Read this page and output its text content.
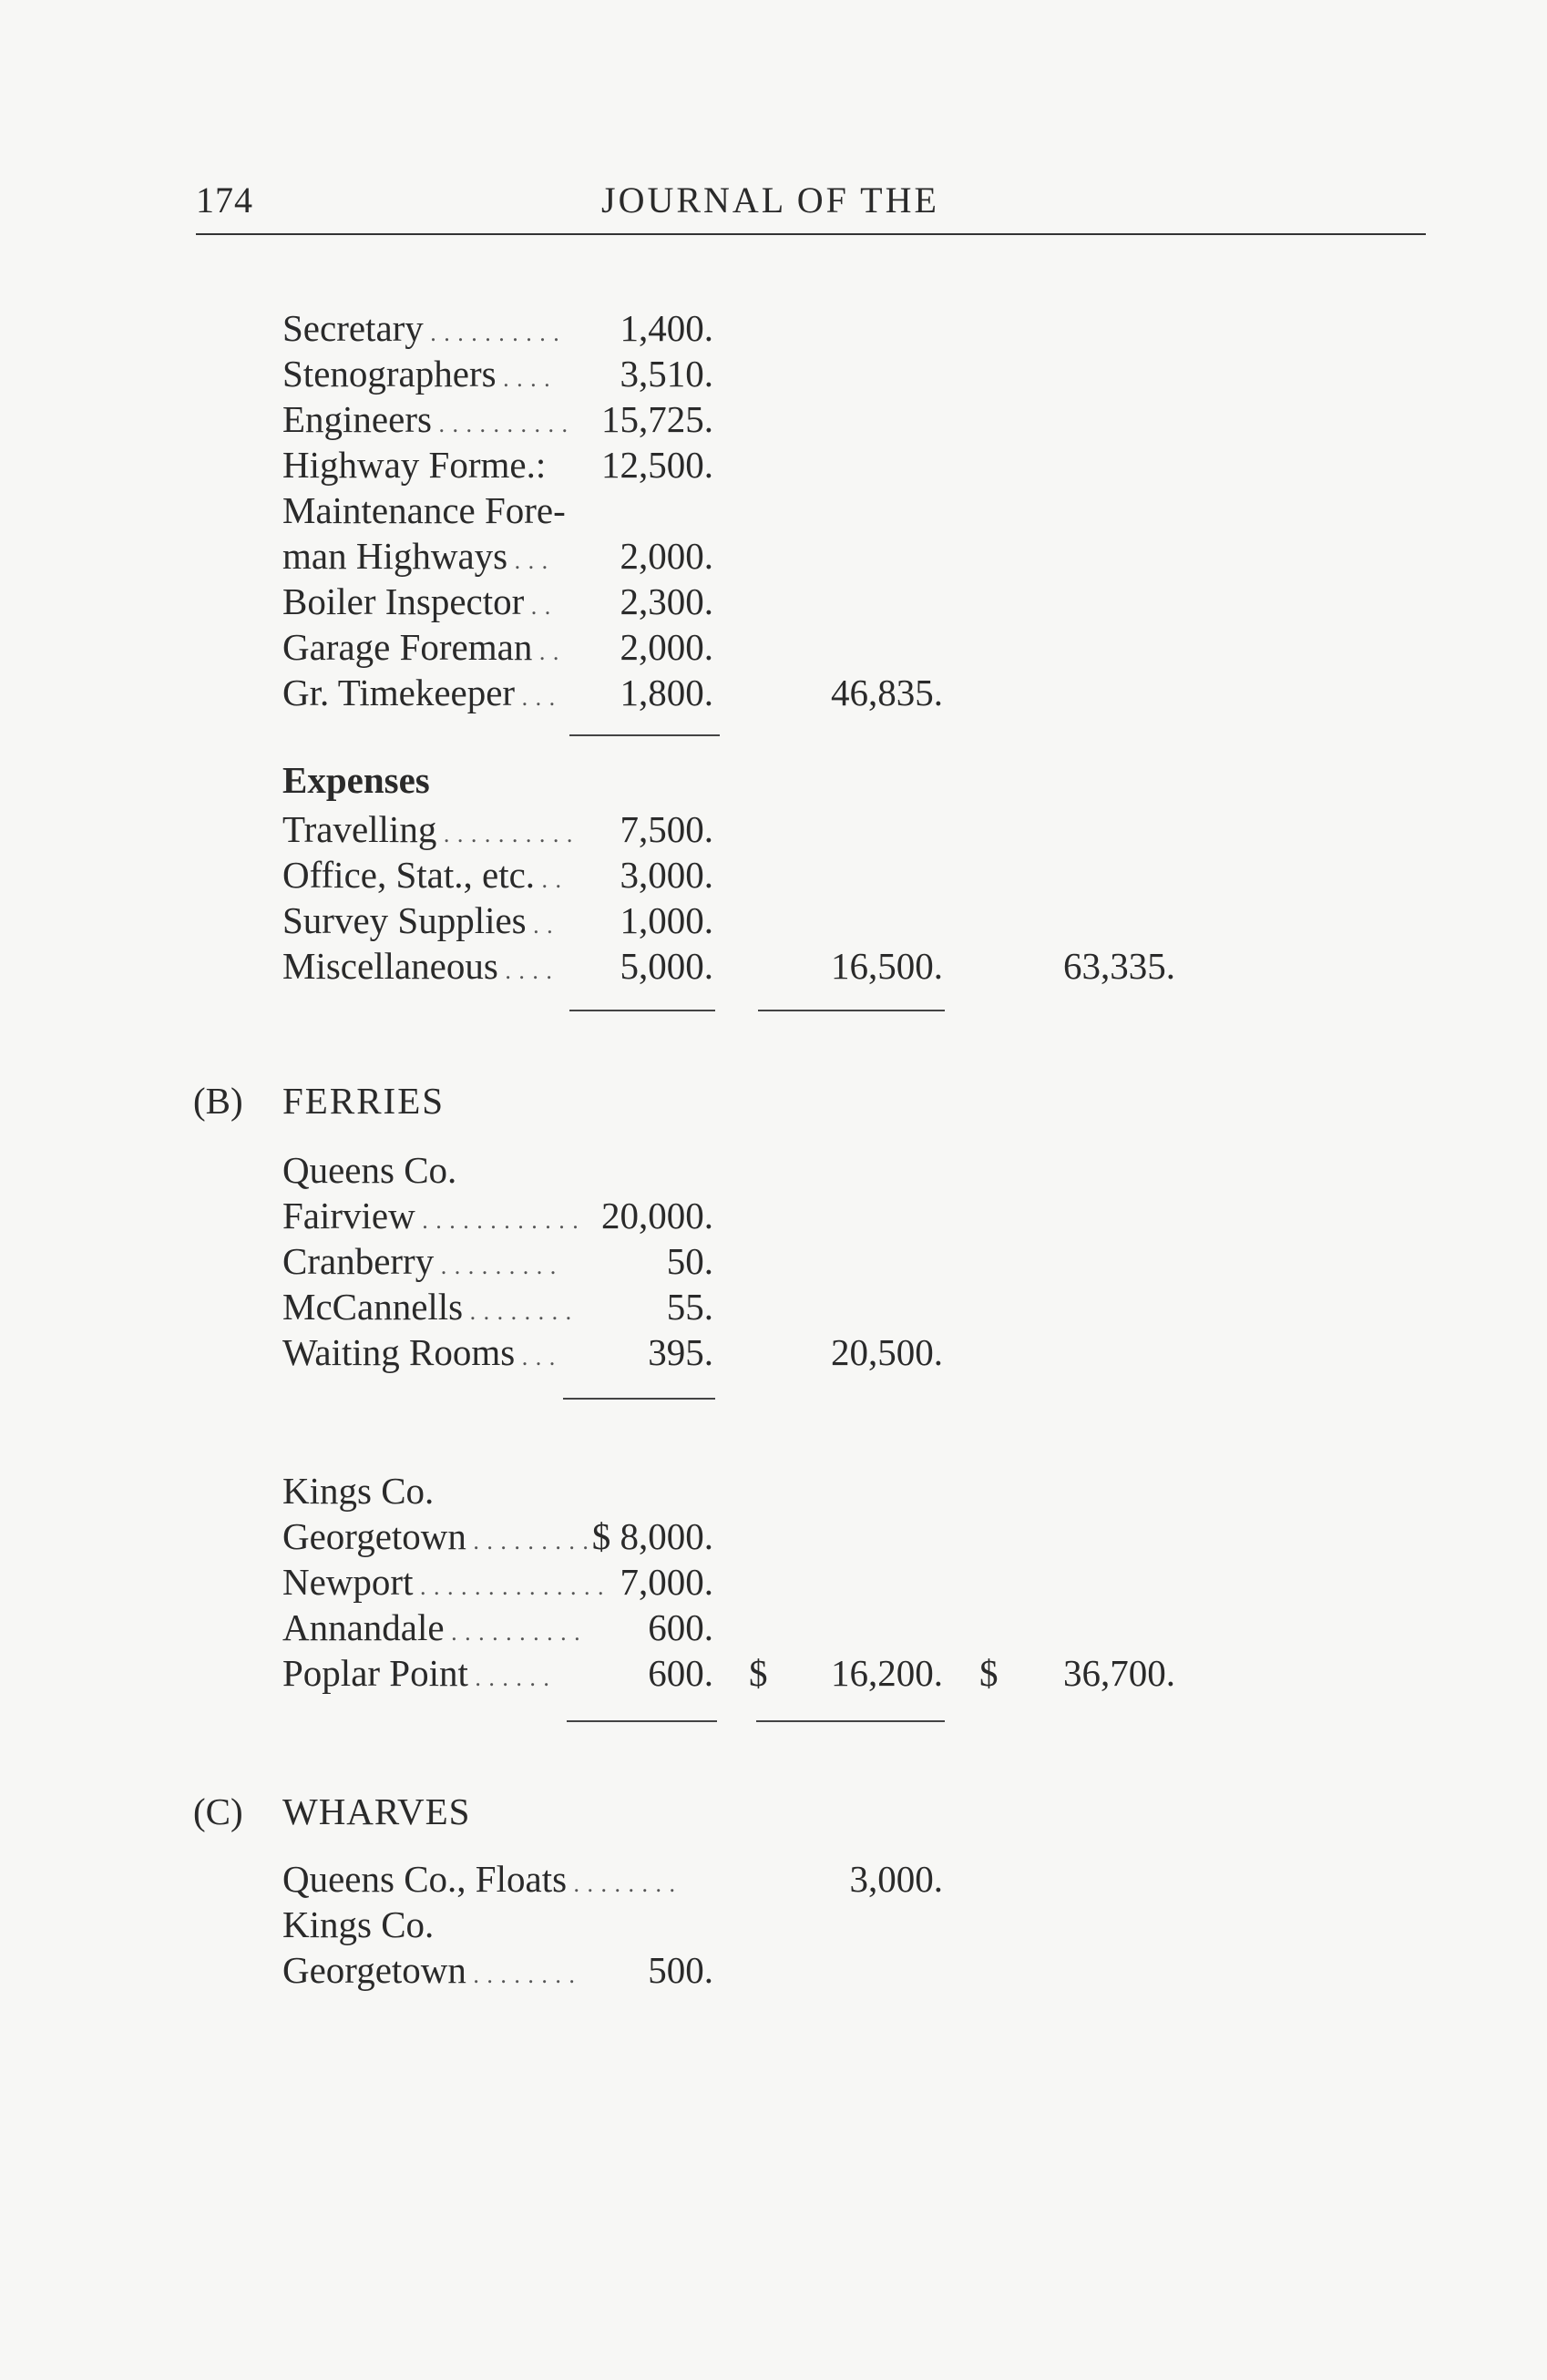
174	JOURNAL OF THE
Secretary . . . . . . . . . .	1,400.
Stenographers . . . .	3,510.
Engineers . . . . . . . . . . 15,725.
Highway Forme.:	12,500.
Maintenance Fore-
man Highways . . .	2,000.
Boiler Inspector . .	2,300.
Garage Foreman . .	2,000.
Gr. Timekeeper . . .	1,800.	46,835.
Expenses
Travelling . . . . . . . . . .	7,500.
Office, Stat., etc. . .	3,000.
Survey Supplies . .	1,000.
Miscellaneous . . . .	5,000.	16,500.	63,335.
(B) FERRIES
Queens Co.
Fairview . . . . . . . . . . . . 20,000.
Cranberry . . . . . . . . .	50.
McCannells . . . . . . . .	55.
Waiting Rooms . . .	395.	20,500.
Kings Co.
Georgetown . . . . . . . . . $ 8,000.
Newport . . . . . . . . . . . . . . 7,000.
Annandale . . . . . . . . . . 600.
Poplar Point . . . . . .	600. $ 16,200. $ 36,700.
(C) WHARVES
Queens Co., Floats . . . . . . . .	3,000.
Kings Co.
Georgetown . . . . . . . . 500.
